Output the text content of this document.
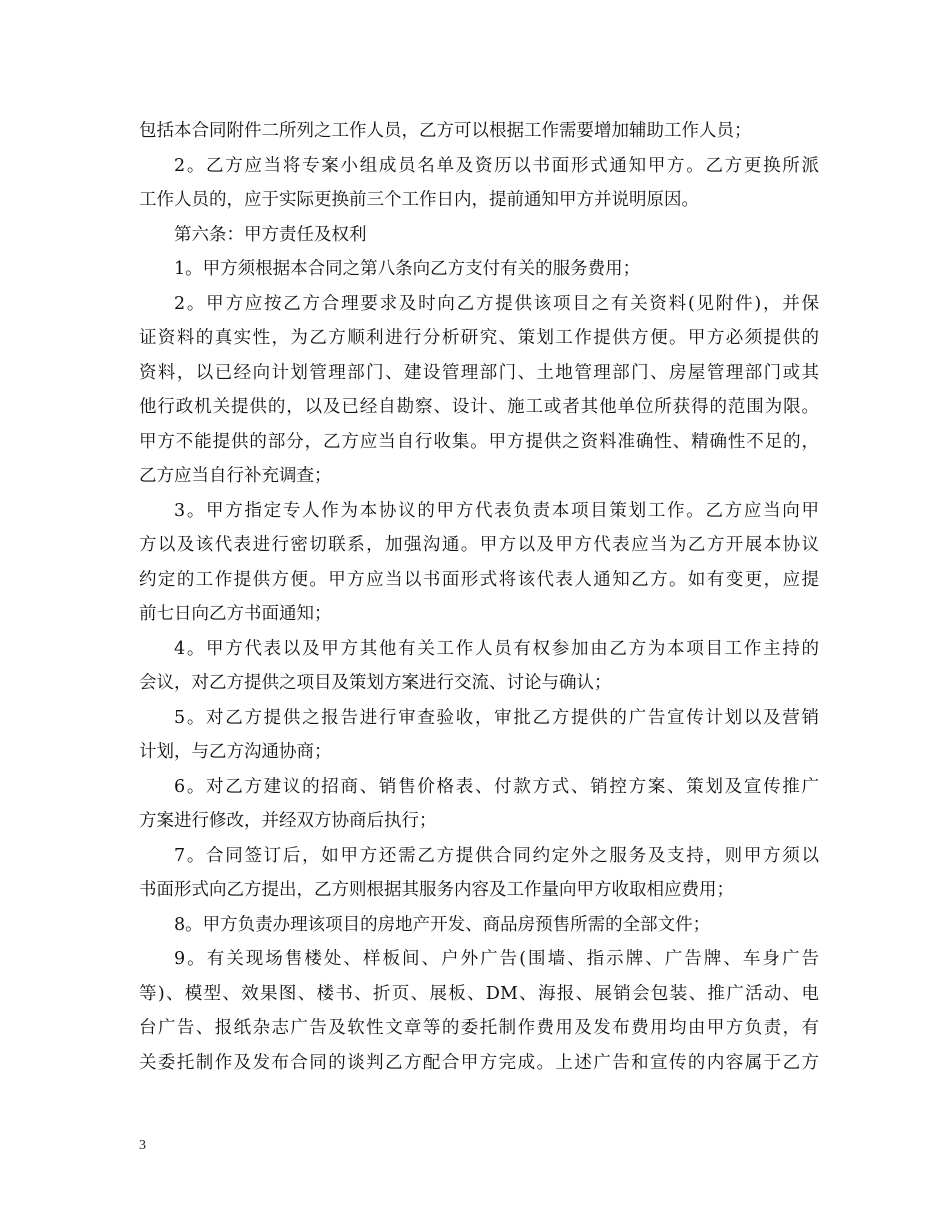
包括本合同附件二所列之工作人员，乙方可以根据工作需要增加辅助工作人员；
2。乙方应当将专案小组成员名单及资历以书面形式通知甲方。乙方更换所派
工作人员的，应于实际更换前三个工作日内，提前通知甲方并说明原因。
第六条：甲方责任及权利
1。甲方须根据本合同之第八条向乙方支付有关的服务费用；
2。甲方应按乙方合理要求及时向乙方提供该项目之有关资料(见附件)，并保
证资料的真实性，为乙方顺利进行分析研究、策划工作提供方便。甲方必须提供的
资料，以已经向计划管理部门、建设管理部门、土地管理部门、房屋管理部门或其
他行政机关提供的，以及已经自勘察、设计、施工或者其他单位所获得的范围为限。
甲方不能提供的部分，乙方应当自行收集。甲方提供之资料准确性、精确性不足的，
乙方应当自行补充调查；
3。甲方指定专人作为本协议的甲方代表负责本项目策划工作。乙方应当向甲
方以及该代表进行密切联系，加强沟通。甲方以及甲方代表应当为乙方开展本协议
约定的工作提供方便。甲方应当以书面形式将该代表人通知乙方。如有变更，应提
前七日向乙方书面通知；
4。甲方代表以及甲方其他有关工作人员有权参加由乙方为本项目工作主持的
会议，对乙方提供之项目及策划方案进行交流、讨论与确认；
5。对乙方提供之报告进行审查验收，审批乙方提供的广告宣传计划以及营销
计划，与乙方沟通协商；
6。对乙方建议的招商、销售价格表、付款方式、销控方案、策划及宣传推广
方案进行修改，并经双方协商后执行；
7。合同签订后，如甲方还需乙方提供合同约定外之服务及支持，则甲方须以
书面形式向乙方提出，乙方则根据其服务内容及工作量向甲方收取相应费用；
8。甲方负责办理该项目的房地产开发、商品房预售所需的全部文件；
9。有关现场售楼处、样板间、户外广告(围墙、指示牌、广告牌、车身广告
等)、模型、效果图、楼书、折页、展板、DM、海报、展销会包装、推广活动、电
台广告、报纸杂志广告及软性文章等的委托制作费用及发布费用均由甲方负责，有
关委托制作及发布合同的谈判乙方配合甲方完成。上述广告和宣传的内容属于乙方
3
